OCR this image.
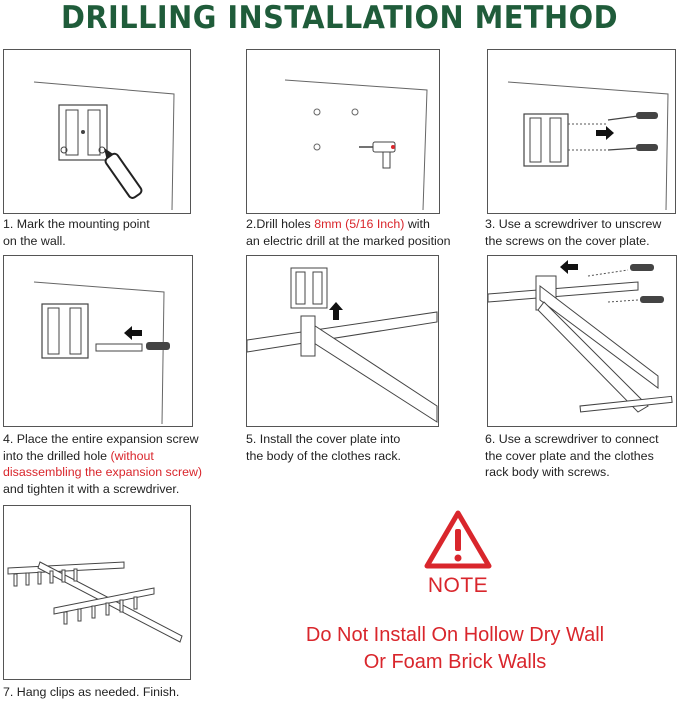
DRILLING INSTALLATION METHOD
1. Mark the mounting point
on the wall.
2.Drill holes 8mm (5/16 Inch) with
an electric drill at the marked position
3. Use a screwdriver to unscrew
the screws on the cover plate.
4. Place the entire expansion screw
into the drilled hole (without
disassembling the expansion screw)
and tighten it with a screwdriver.
5. Install the cover plate into
the body of the clothes rack.
6. Use a screwdriver to connect
the cover plate and the clothes
rack body with screws.
7. Hang clips as needed. Finish.
NOTE
Do Not Install On Hollow Dry Wall
Or Foam Brick Walls
